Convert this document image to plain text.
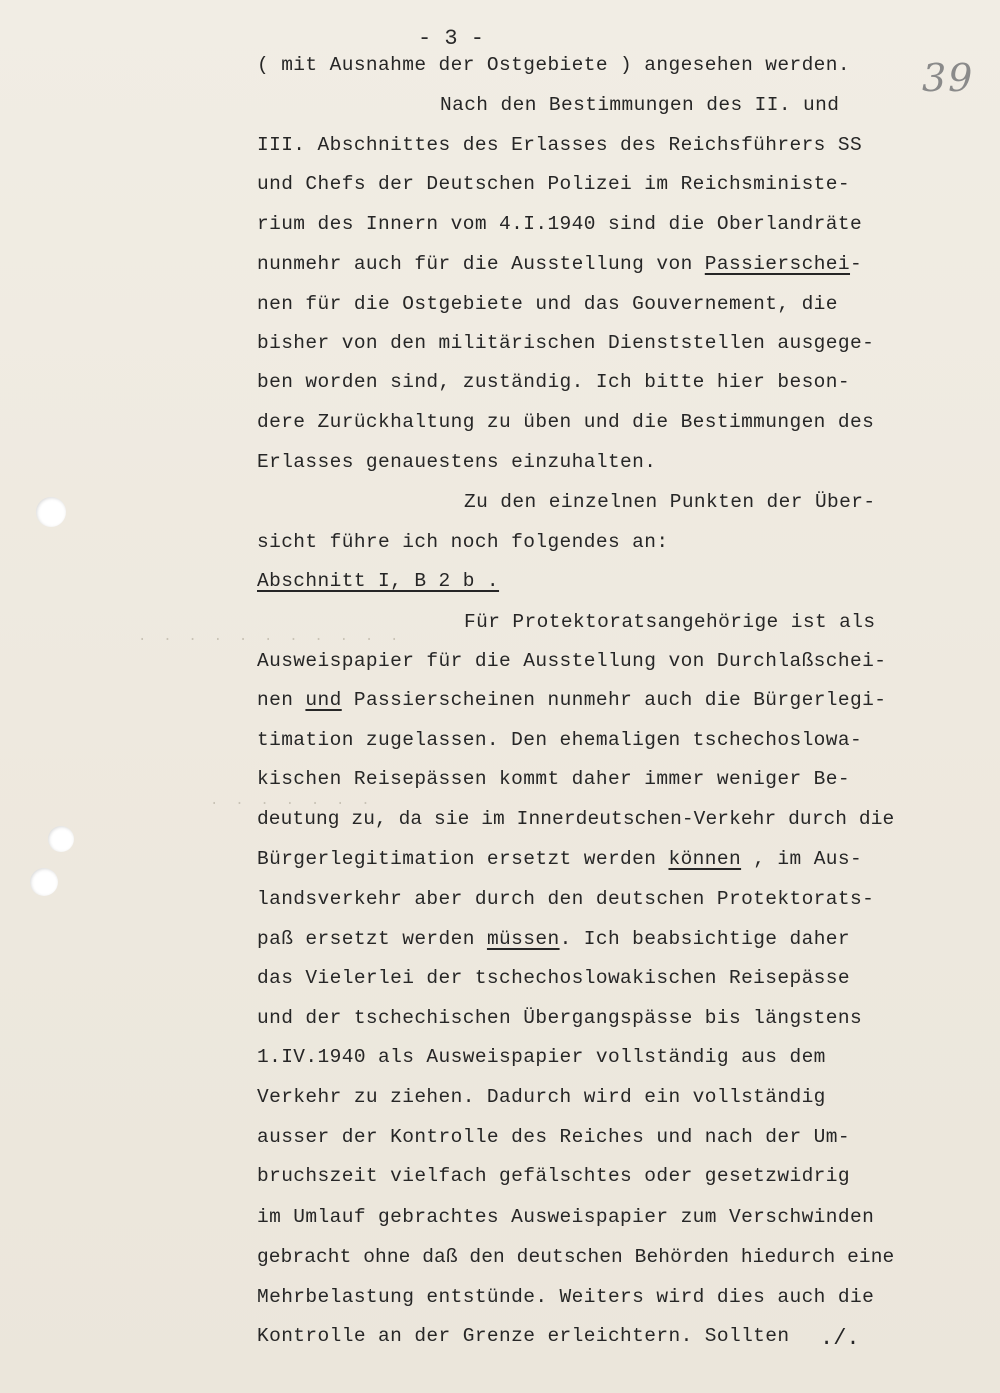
·  ·  ·  ·  ·  ·  ·  ·  ·  ·  ·
·  ·  ·  ·  ·  ·  ·
- 3 -
39
( mit Ausnahme der Ostgebiete ) angesehen werden.
Nach den Bestimmungen des II. und
III. Abschnittes des Erlasses des Reichsführers SS
und Chefs der Deutschen Polizei im Reichsministe-
rium des Innern vom 4.I.1940 sind die Oberlandräte
nunmehr auch für die Ausstellung von Passierschei-
nen für die Ostgebiete und das Gouvernement, die
bisher von den militärischen Dienststellen ausgege-
ben worden sind, zuständig. Ich bitte hier beson-
dere Zurückhaltung zu üben und die Bestimmungen des
Erlasses genauestens einzuhalten.
Zu den einzelnen Punkten der Über-
sicht führe ich noch folgendes an:
Abschnitt I, B 2 b .
Für Protektoratsangehörige ist als
Ausweispapier für die Ausstellung von Durchlaßschei-
nen und Passierscheinen nunmehr auch die Bürgerlegi-
timation zugelassen. Den ehemaligen tschechoslowa-
kischen Reisepässen kommt daher immer weniger Be-
deutung zu, da sie im Innerdeutschen-Verkehr durch die
Bürgerlegitimation ersetzt werden können , im Aus-
landsverkehr aber durch den deutschen Protektorats-
paß ersetzt werden müssen. Ich beabsichtige daher
das Vielerlei der tschechoslowakischen Reisepässe
und der tschechischen Übergangspässe bis längstens
1.IV.1940 als Ausweispapier vollständig aus dem
Verkehr zu ziehen. Dadurch wird ein vollständig
ausser der Kontrolle des Reiches und nach der Um-
bruchszeit vielfach gefälschtes oder gesetzwidrig
im Umlauf gebrachtes Ausweispapier zum Verschwinden
gebracht ohne daß den deutschen Behörden hiedurch eine
Mehrbelastung entstünde. Weiters wird dies auch die
Kontrolle an der Grenze erleichtern. Sollten ./.
